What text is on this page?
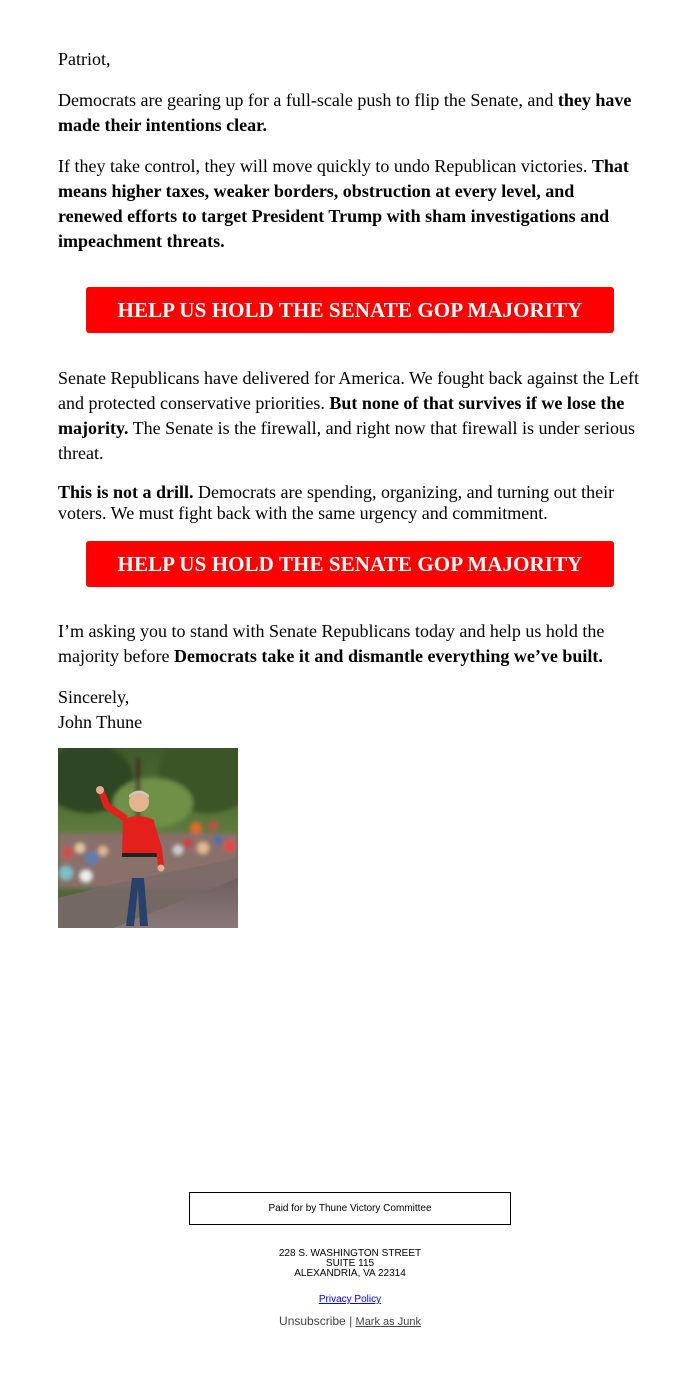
Patriot,

Democrats are gearing up for a full-scale push to flip the Senate, and they have made their intentions clear.

If they take control, they will move quickly to undo Republican victories. That means higher taxes, weaker borders, obstruction at every level, and renewed efforts to target President Trump with sham investigations and impeachment threats.

HELP US HOLD THE SENATE GOP MAJORITY

Senate Republicans have delivered for America. We fought back against the Left and protected conservative priorities. But none of that survives if we lose the majority. The Senate is the firewall, and right now that firewall is under serious threat.

This is not a drill. Democrats are spending, organizing, and turning out their voters. We must fight back with the same urgency and commitment.

HELP US HOLD THE SENATE GOP MAJORITY

I’m asking you to stand with Senate Republicans today and help us hold the majority before Democrats take it and dismantle everything we’ve built.

Sincerely,
John Thune
Paid for by Thune Victory Committee
228 S. WASHINGTON STREET
SUITE 115
ALEXANDRIA, VA 22314
Privacy Policy
Unsubscribe | Mark as Junk
